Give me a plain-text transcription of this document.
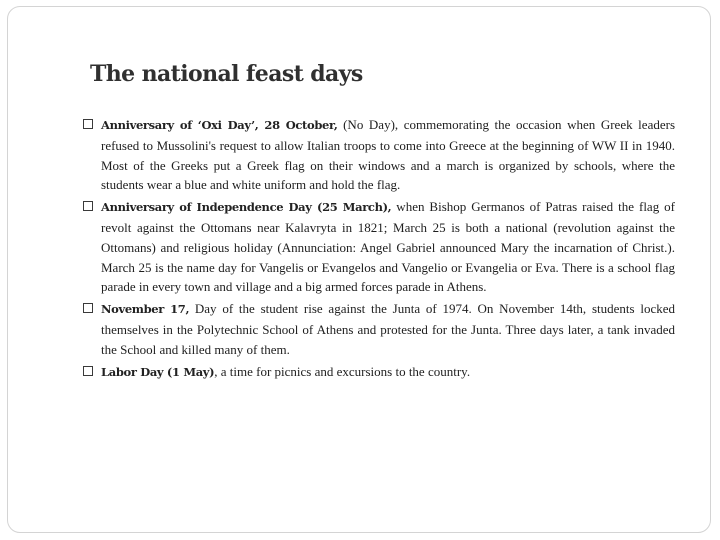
The national feast days
Anniversary of ‘Oxi Day’, 28 October, (No Day), commemorating the occasion when Greek leaders refused to Mussolini's request to allow Italian troops to come into Greece at the beginning of WW II in 1940. Most of the Greeks put a Greek flag on their windows and a march is organized by schools, where the students wear a blue and white uniform and hold the flag.
Anniversary of Independence Day (25 March), when Bishop Germanos of Patras raised the flag of revolt against the Ottomans near Kalavryta in 1821; March 25 is both a national (revolution against the Ottomans) and religious holiday (Annunciation: Angel Gabriel announced Mary the incarnation of Christ.). March 25 is the name day for Vangelis or Evangelos and Vangelio or Evangelia or Eva. There is a school flag parade in every town and village and a big armed forces parade in Athens.
November 17, Day of the student rise against the Junta of 1974. On November 14th, students locked themselves in the Polytechnic School of Athens and protested for the Junta. Three days later, a tank invaded the School and killed many of them.
Labor Day (1 May), a time for picnics and excursions to the country.
